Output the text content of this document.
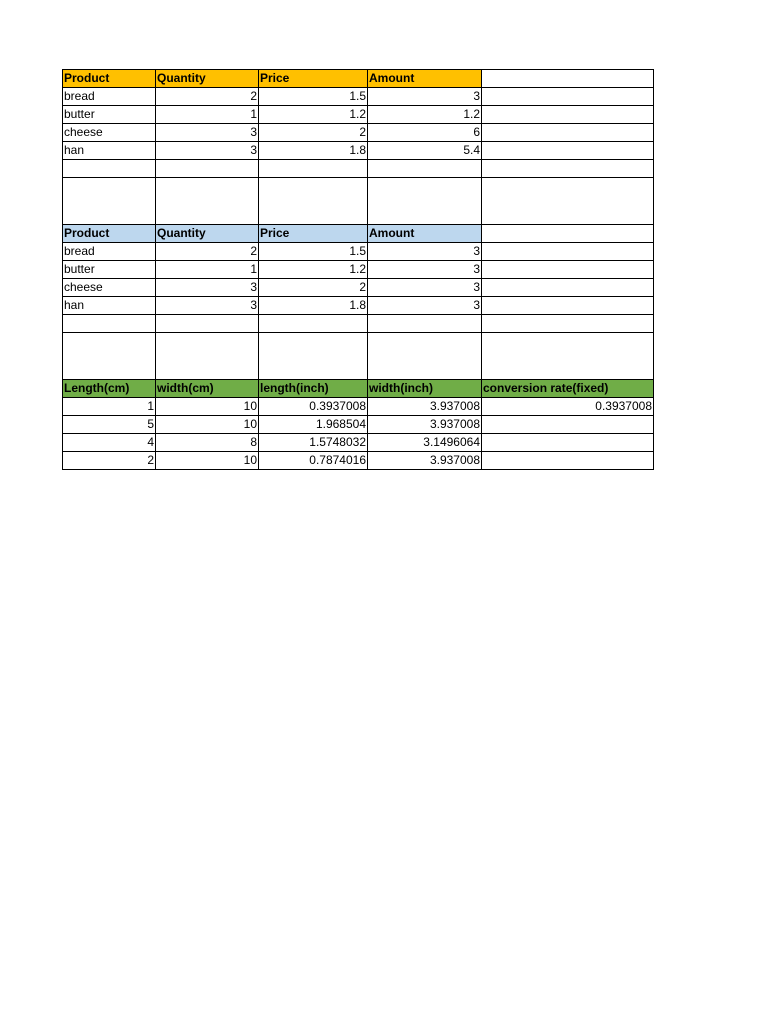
Product	Quantity	Price	Amount	
bread	2	1.5	3	
butter	1	1.2	1.2	
cheese	3	2	6	
han	3	1.8	5.4	

Product	Quantity	Price	Amount	
bread	2	1.5	3	
butter	1	1.2	3	
cheese	3	2	3	
han	3	1.8	3	

Length(cm)	width(cm)	length(inch)	width(inch)	conversion rate(fixed)
1	10	0.3937008	3.937008	0.3937008
5	10	1.968504	3.937008	
4	8	1.5748032	3.1496064	
2	10	0.7874016	3.937008	
